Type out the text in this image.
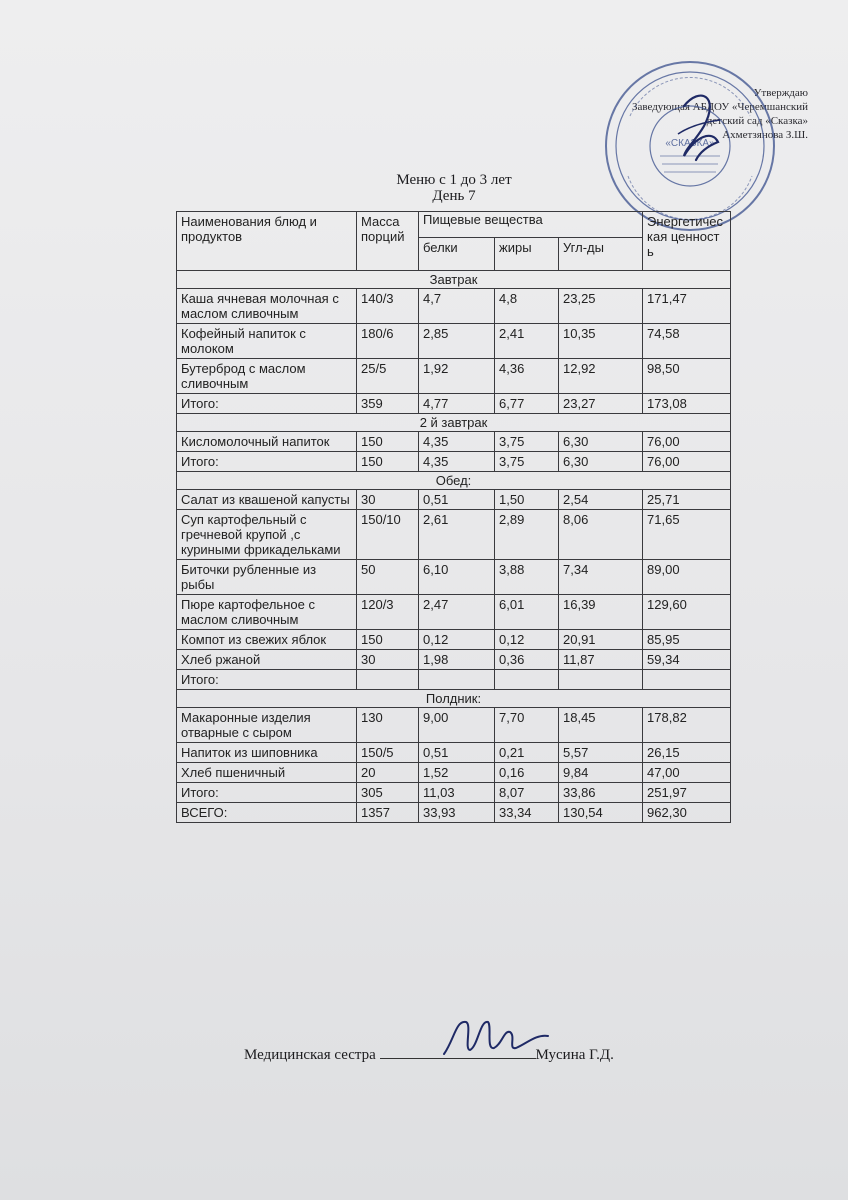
Утверждаю
Заведующая АБДОУ «Черемшанский
детский сад «Сказка»
Ахметзянова З.Ш.
«СКАЗКА»
Меню с 1 до 3 лет
День 7
Наименования блюд и продуктов	Масса порций	Пищевые вещества			Энергетическая ценность
		белки	жиры	Угл-ды	
Завтрак					
Каша ячневая молочная с маслом сливочным	140/3	4,7	4,8	23,25	171,47
Кофейный напиток с молоком	180/6	2,85	2,41	10,35	74,58
Бутерброд с маслом сливочным	25/5	1,92	4,36	12,92	98,50
Итого:	359	4,77	6,77	23,27	173,08
2 й завтрак					
Кисломолочный напиток	150	4,35	3,75	6,30	76,00
Итого:	150	4,35	3,75	6,30	76,00
Обед:					
Салат из квашеной капусты	30	0,51	1,50	2,54	25,71
Суп картофельный с гречневой крупой ,с куриными фрикадельками	150/10	2,61	2,89	8,06	71,65
Биточки рубленные из рыбы	50	6,10	3,88	7,34	89,00
Пюре картофельное с маслом сливочным	120/3	2,47	6,01	16,39	129,60
Компот из свежих яблок	150	0,12	0,12	20,91	85,95
Хлеб ржаной	30	1,98	0,36	11,87	59,34
Итого:					
Полдник:					
Макаронные изделия отварные с сыром	130	9,00	7,70	18,45	178,82
Напиток из шиповника	150/5	0,51	0,21	5,57	26,15
Хлеб пшеничный	20	1,52	0,16	9,84	47,00
Итого:	305	11,03	8,07	33,86	251,97
ВСЕГО:	1357	33,93	33,34	130,54	962,30
Медицинская сестра	Мусина Г.Д.
